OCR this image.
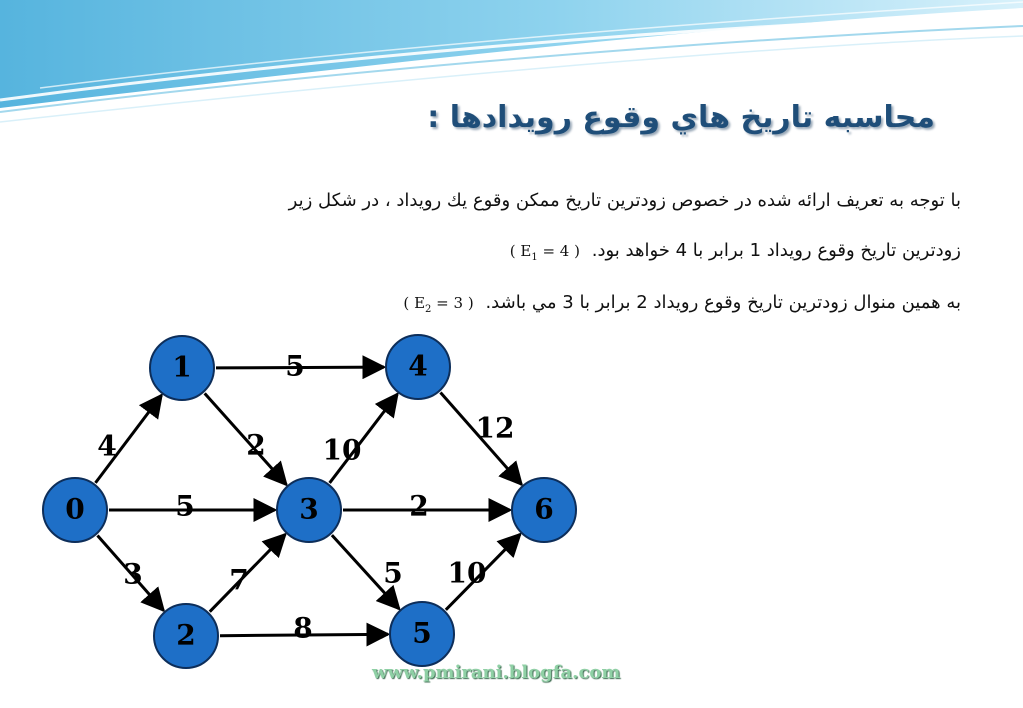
محاسبه تاريخ هاي وقوع رويدادها :
با توجه به تعريف ارائه شده در خصوص زودترين تاريخ ممكن وقوع يك رويداد ، در شكل زير
زودترين تاريخ وقوع رويداد 1 برابر با 4 خواهد بود. ( $E_1 = 4$ )
به همين منوال زودترين تاريخ وقوع رويداد 2 برابر با 3 مي باشد. ( $E_2 = 3$ )
4
5
3
5
2
7
8
10
2
5
12
10
0
1
2
3
4
5
6
www.pmirani.blogfa.com
